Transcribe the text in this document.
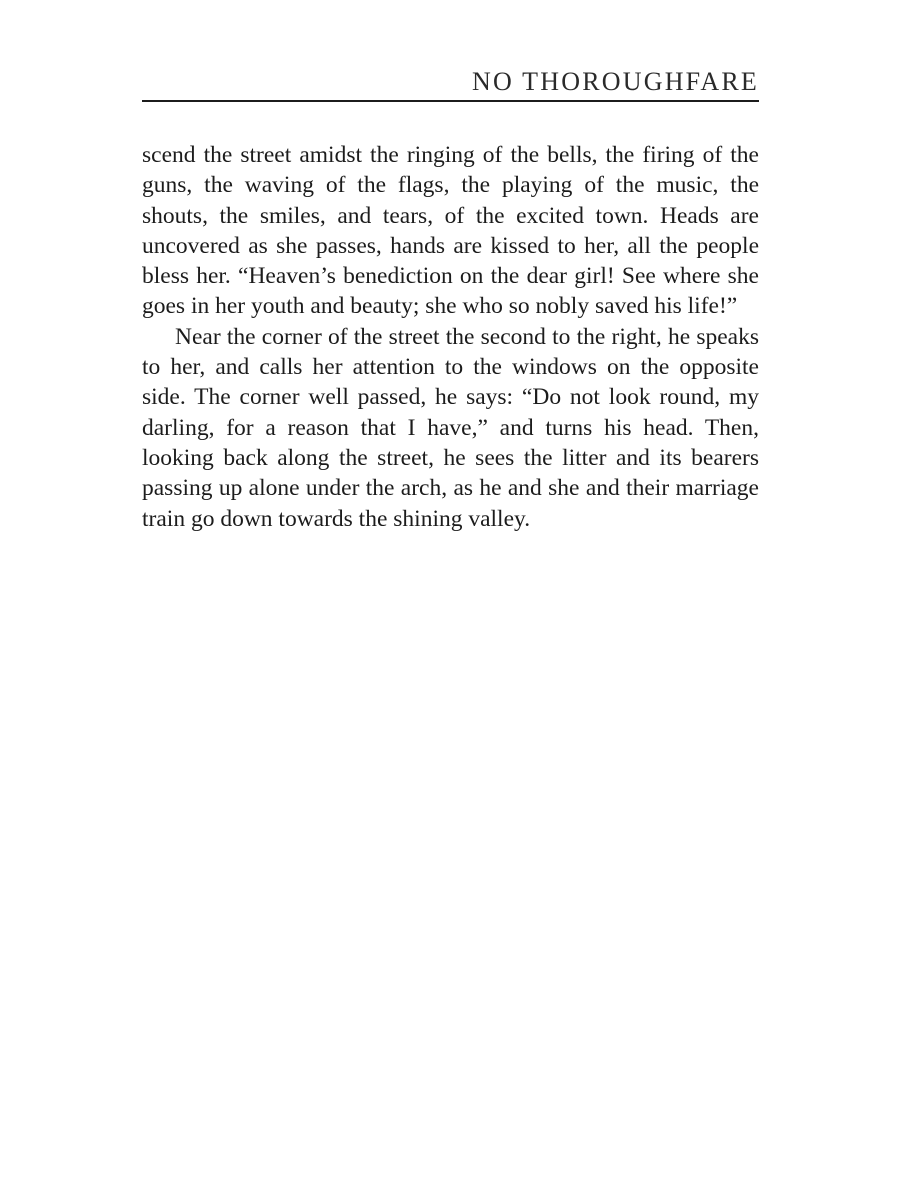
NO THOROUGHFARE

scend the street amidst the ringing of the bells, the firing of the guns, the waving of the flags, the playing of the music, the shouts, the smiles, and tears, of the excited town. Heads are uncovered as she passes, hands are kissed to her, all the people bless her. “Heaven’s benediction on the dear girl! See where she goes in her youth and beauty; she who so nobly saved his life!”

Near the corner of the street the second to the right, he speaks to her, and calls her attention to the windows on the opposite side. The corner well passed, he says: “Do not look round, my darling, for a reason that I have,” and turns his head. Then, looking back along the street, he sees the litter and its bearers passing up alone under the arch, as he and she and their marriage train go down towards the shining valley.
